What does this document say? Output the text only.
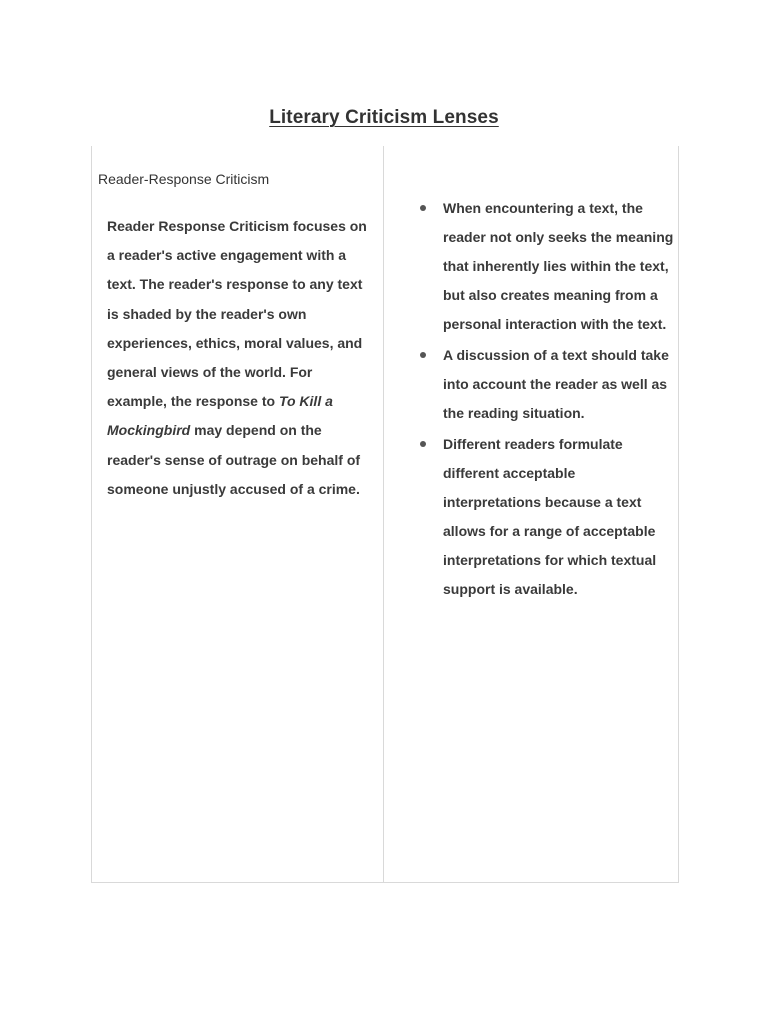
Literary Criticism Lenses
Reader-Response Criticism

Reader Response Criticism focuses on a reader's active engagement with a text. The reader's response to any text is shaded by the reader's own experiences, ethics, moral values, and general views of the world. For example, the response to To Kill a Mockingbird may depend on the reader's sense of outrage on behalf of someone unjustly accused of a crime.

When encountering a text, the reader not only seeks the meaning that inherently lies within the text, but also creates meaning from a personal interaction with the text.
A discussion of a text should take into account the reader as well as the reading situation.
Different readers formulate different acceptable interpretations because a text allows for a range of acceptable interpretations for which textual support is available.
